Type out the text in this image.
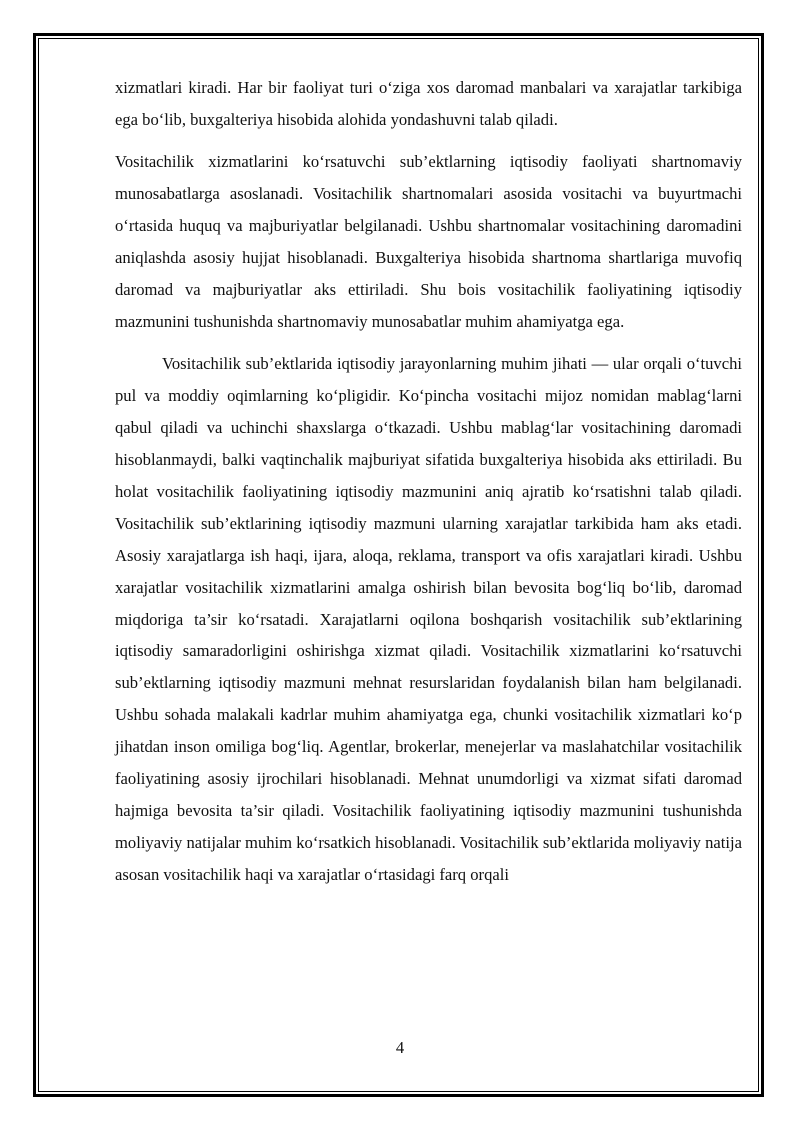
xizmatlari kiradi. Har bir faoliyat turi o‘ziga xos daromad manbalari va xarajatlar tarkibiga ega bo‘lib, buxgalteriya hisobida alohida yondashuvni talab qiladi.

Vositachilik xizmatlarini ko‘rsatuvchi sub’ektlarning iqtisodiy faoliyati shartnomaviy munosabatlarga asoslanadi. Vositachilik shartnomalari asosida vositachi va buyurtmachi o‘rtasida huquq va majburiyatlar belgilanadi. Ushbu shartnomalar vositachining daromadini aniqlashda asosiy hujjat hisoblanadi. Buxgalteriya hisobida shartnoma shartlariga muvofiq daromad va majburiyatlar aks ettiriladi. Shu bois vositachilik faoliyatining iqtisodiy mazmunini tushunishda shartnomaviy munosabatlar muhim ahamiyatga ega.

Vositachilik sub’ektlarida iqtisodiy jarayonlarning muhim jihati — ular orqali o‘tuvchi pul va moddiy oqimlarning ko‘pligidir. Ko‘pincha vositachi mijoz nomidan mablag‘larni qabul qiladi va uchinchi shaxslarga o‘tkazadi. Ushbu mablag‘lar vositachining daromadi hisoblanmaydi, balki vaqtinchalik majburiyat sifatida buxgalteriya hisobida aks ettiriladi. Bu holat vositachilik faoliyatining iqtisodiy mazmunini aniq ajratib ko‘rsatishni talab qiladi. Vositachilik sub’ektlarining iqtisodiy mazmuni ularning xarajatlar tarkibida ham aks etadi. Asosiy xarajatlarga ish haqi, ijara, aloqa, reklama, transport va ofis xarajatlari kiradi. Ushbu xarajatlar vositachilik xizmatlarini amalga oshirish bilan bevosita bog‘liq bo‘lib, daromad miqdoriga ta’sir ko‘rsatadi. Xarajatlarni oqilona boshqarish vositachilik sub’ektlarining iqtisodiy samaradorligini oshirishga xizmat qiladi. Vositachilik xizmatlarini ko‘rsatuvchi sub’ektlarning iqtisodiy mazmuni mehnat resurslaridan foydalanish bilan ham belgilanadi. Ushbu sohada malakali kadrlar muhim ahamiyatga ega, chunki vositachilik xizmatlari ko‘p jihatdan inson omiliga bog‘liq. Agentlar, brokerlar, menejerlar va maslahatchilar vositachilik faoliyatining asosiy ijrochilari hisoblanadi. Mehnat unumdorligi va xizmat sifati daromad hajmiga bevosita ta’sir qiladi. Vositachilik faoliyatining iqtisodiy mazmunini tushunishda moliyaviy natijalar muhim ko‘rsatkich hisoblanadi. Vositachilik sub’ektlarida moliyaviy natija asosan vositachilik haqi va xarajatlar o‘rtasidagi farq orqali

4
